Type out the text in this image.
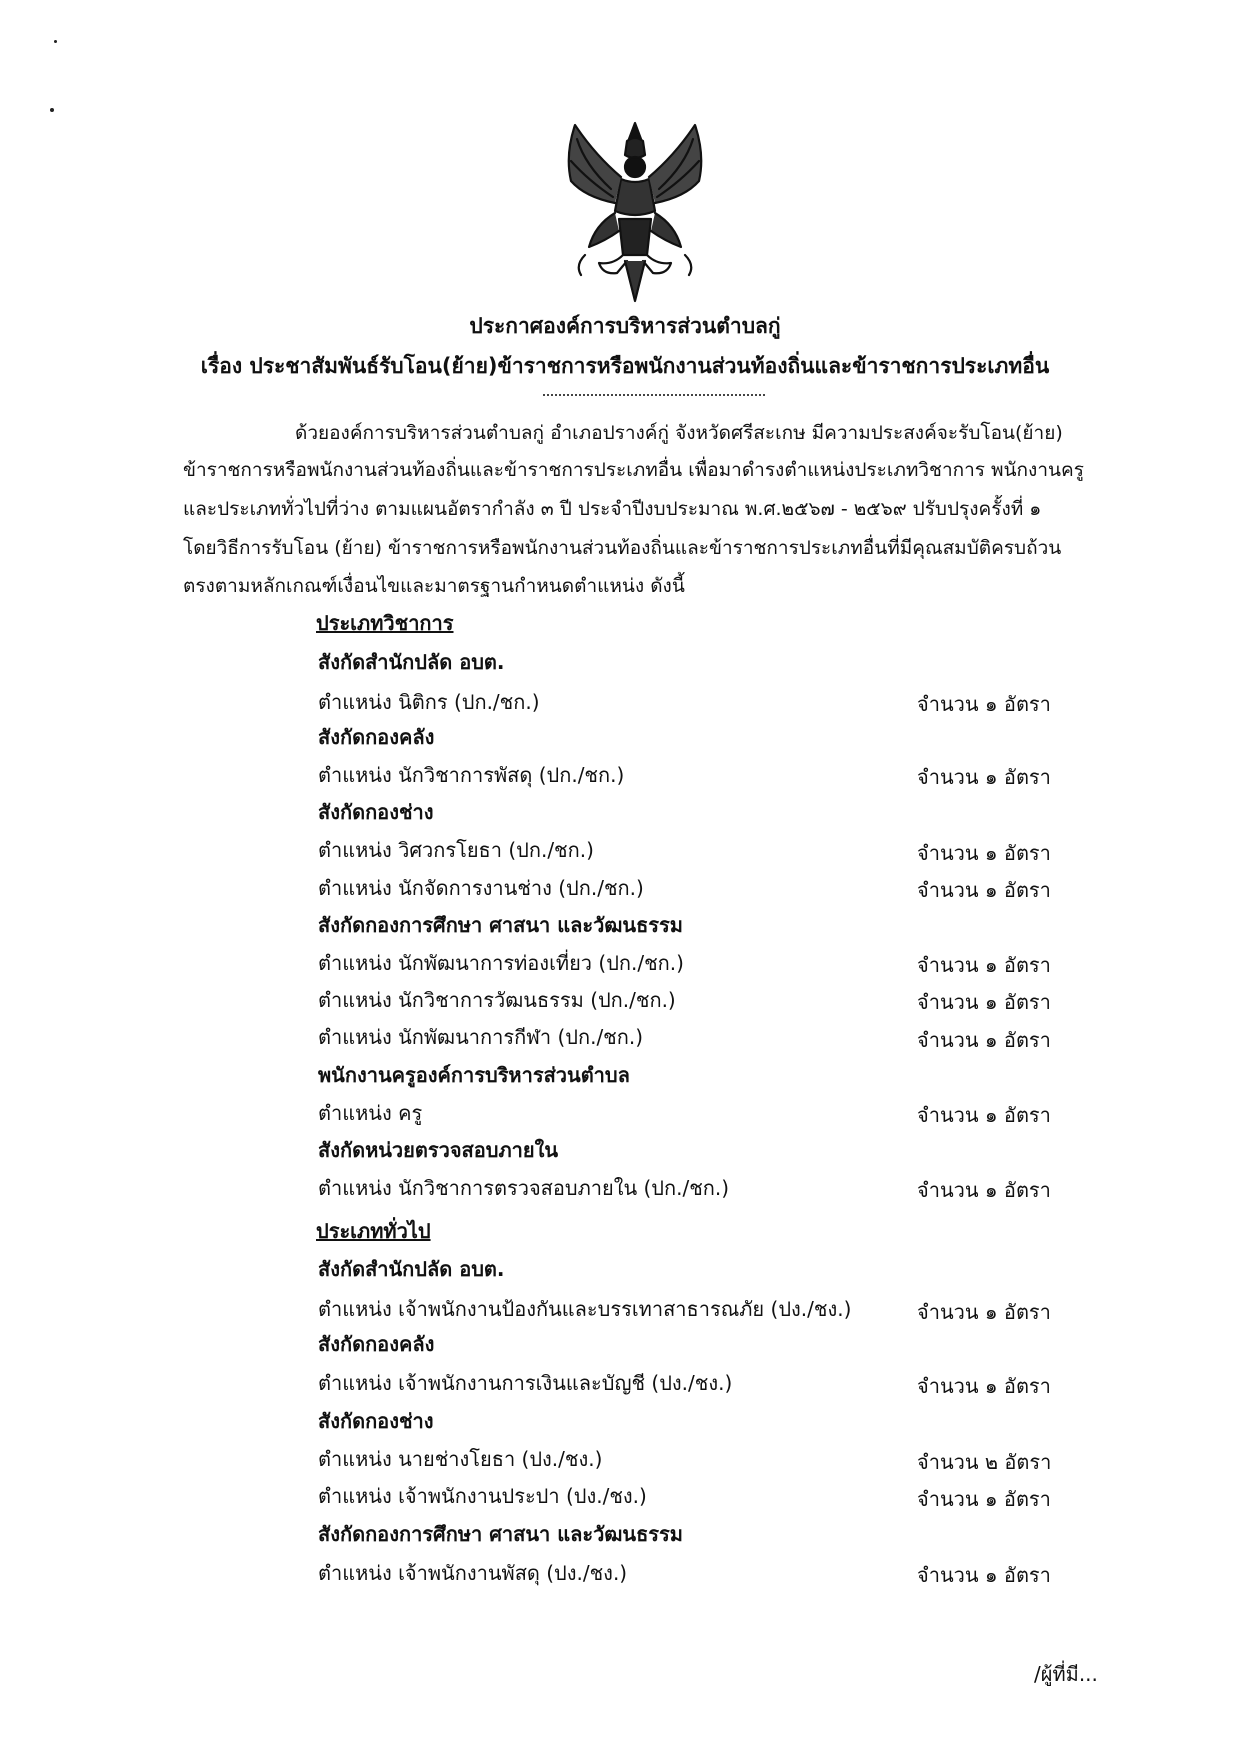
ประกาศองค์การบริหารส่วนตำบลกู่
เรื่อง ประชาสัมพันธ์รับโอน(ย้าย)ข้าราชการหรือพนักงานส่วนท้องถิ่นและข้าราชการประเภทอื่น
ด้วยองค์การบริหารส่วนตำบลกู่ อำเภอปรางค์กู่ จังหวัดศรีสะเกษ มีความประสงค์จะรับโอน(ย้าย)
ข้าราชการหรือพนักงานส่วนท้องถิ่นและข้าราชการประเภทอื่น เพื่อมาดำรงตำแหน่งประเภทวิชาการ พนักงานครู
และประเภททั่วไปที่ว่าง ตามแผนอัตรากำลัง ๓ ปี ประจำปีงบประมาณ พ.ศ.๒๕๖๗ - ๒๕๖๙ ปรับปรุงครั้งที่ ๑
โดยวิธีการรับโอน (ย้าย) ข้าราชการหรือพนักงานส่วนท้องถิ่นและข้าราชการประเภทอื่นที่มีคุณสมบัติครบถ้วน
ตรงตามหลักเกณฑ์เงื่อนไขและมาตรฐานกำหนดตำแหน่ง ดังนี้
ประเภทวิชาการ
สังกัดสำนักปลัด อบต.
ตำแหน่ง นิติกร (ปก./ชก.)	จำนวน ๑ อัตรา
สังกัดกองคลัง
ตำแหน่ง นักวิชาการพัสดุ (ปก./ชก.)	จำนวน ๑ อัตรา
สังกัดกองช่าง
ตำแหน่ง วิศวกรโยธา (ปก./ชก.)	จำนวน ๑ อัตรา
ตำแหน่ง นักจัดการงานช่าง (ปก./ชก.)	จำนวน ๑ อัตรา
สังกัดกองการศึกษา ศาสนา และวัฒนธรรม
ตำแหน่ง นักพัฒนาการท่องเที่ยว (ปก./ชก.)	จำนวน ๑ อัตรา
ตำแหน่ง นักวิชาการวัฒนธรรม (ปก./ชก.)	จำนวน ๑ อัตรา
ตำแหน่ง นักพัฒนาการกีฬา (ปก./ชก.)	จำนวน ๑ อัตรา
พนักงานครูองค์การบริหารส่วนตำบล
ตำแหน่ง ครู	จำนวน ๑ อัตรา
สังกัดหน่วยตรวจสอบภายใน
ตำแหน่ง นักวิชาการตรวจสอบภายใน (ปก./ชก.)	จำนวน ๑ อัตรา
ประเภททั่วไป
สังกัดสำนักปลัด อบต.
ตำแหน่ง เจ้าพนักงานป้องกันและบรรเทาสาธารณภัย (ปง./ชง.)	จำนวน ๑ อัตรา
สังกัดกองคลัง
ตำแหน่ง เจ้าพนักงานการเงินและบัญชี (ปง./ชง.)	จำนวน ๑ อัตรา
สังกัดกองช่าง
ตำแหน่ง นายช่างโยธา (ปง./ชง.)	จำนวน ๒ อัตรา
ตำแหน่ง เจ้าพนักงานประปา (ปง./ชง.)	จำนวน ๑ อัตรา
สังกัดกองการศึกษา ศาสนา และวัฒนธรรม
ตำแหน่ง เจ้าพนักงานพัสดุ (ปง./ชง.)	จำนวน ๑ อัตรา
/ผู้ที่มี...
